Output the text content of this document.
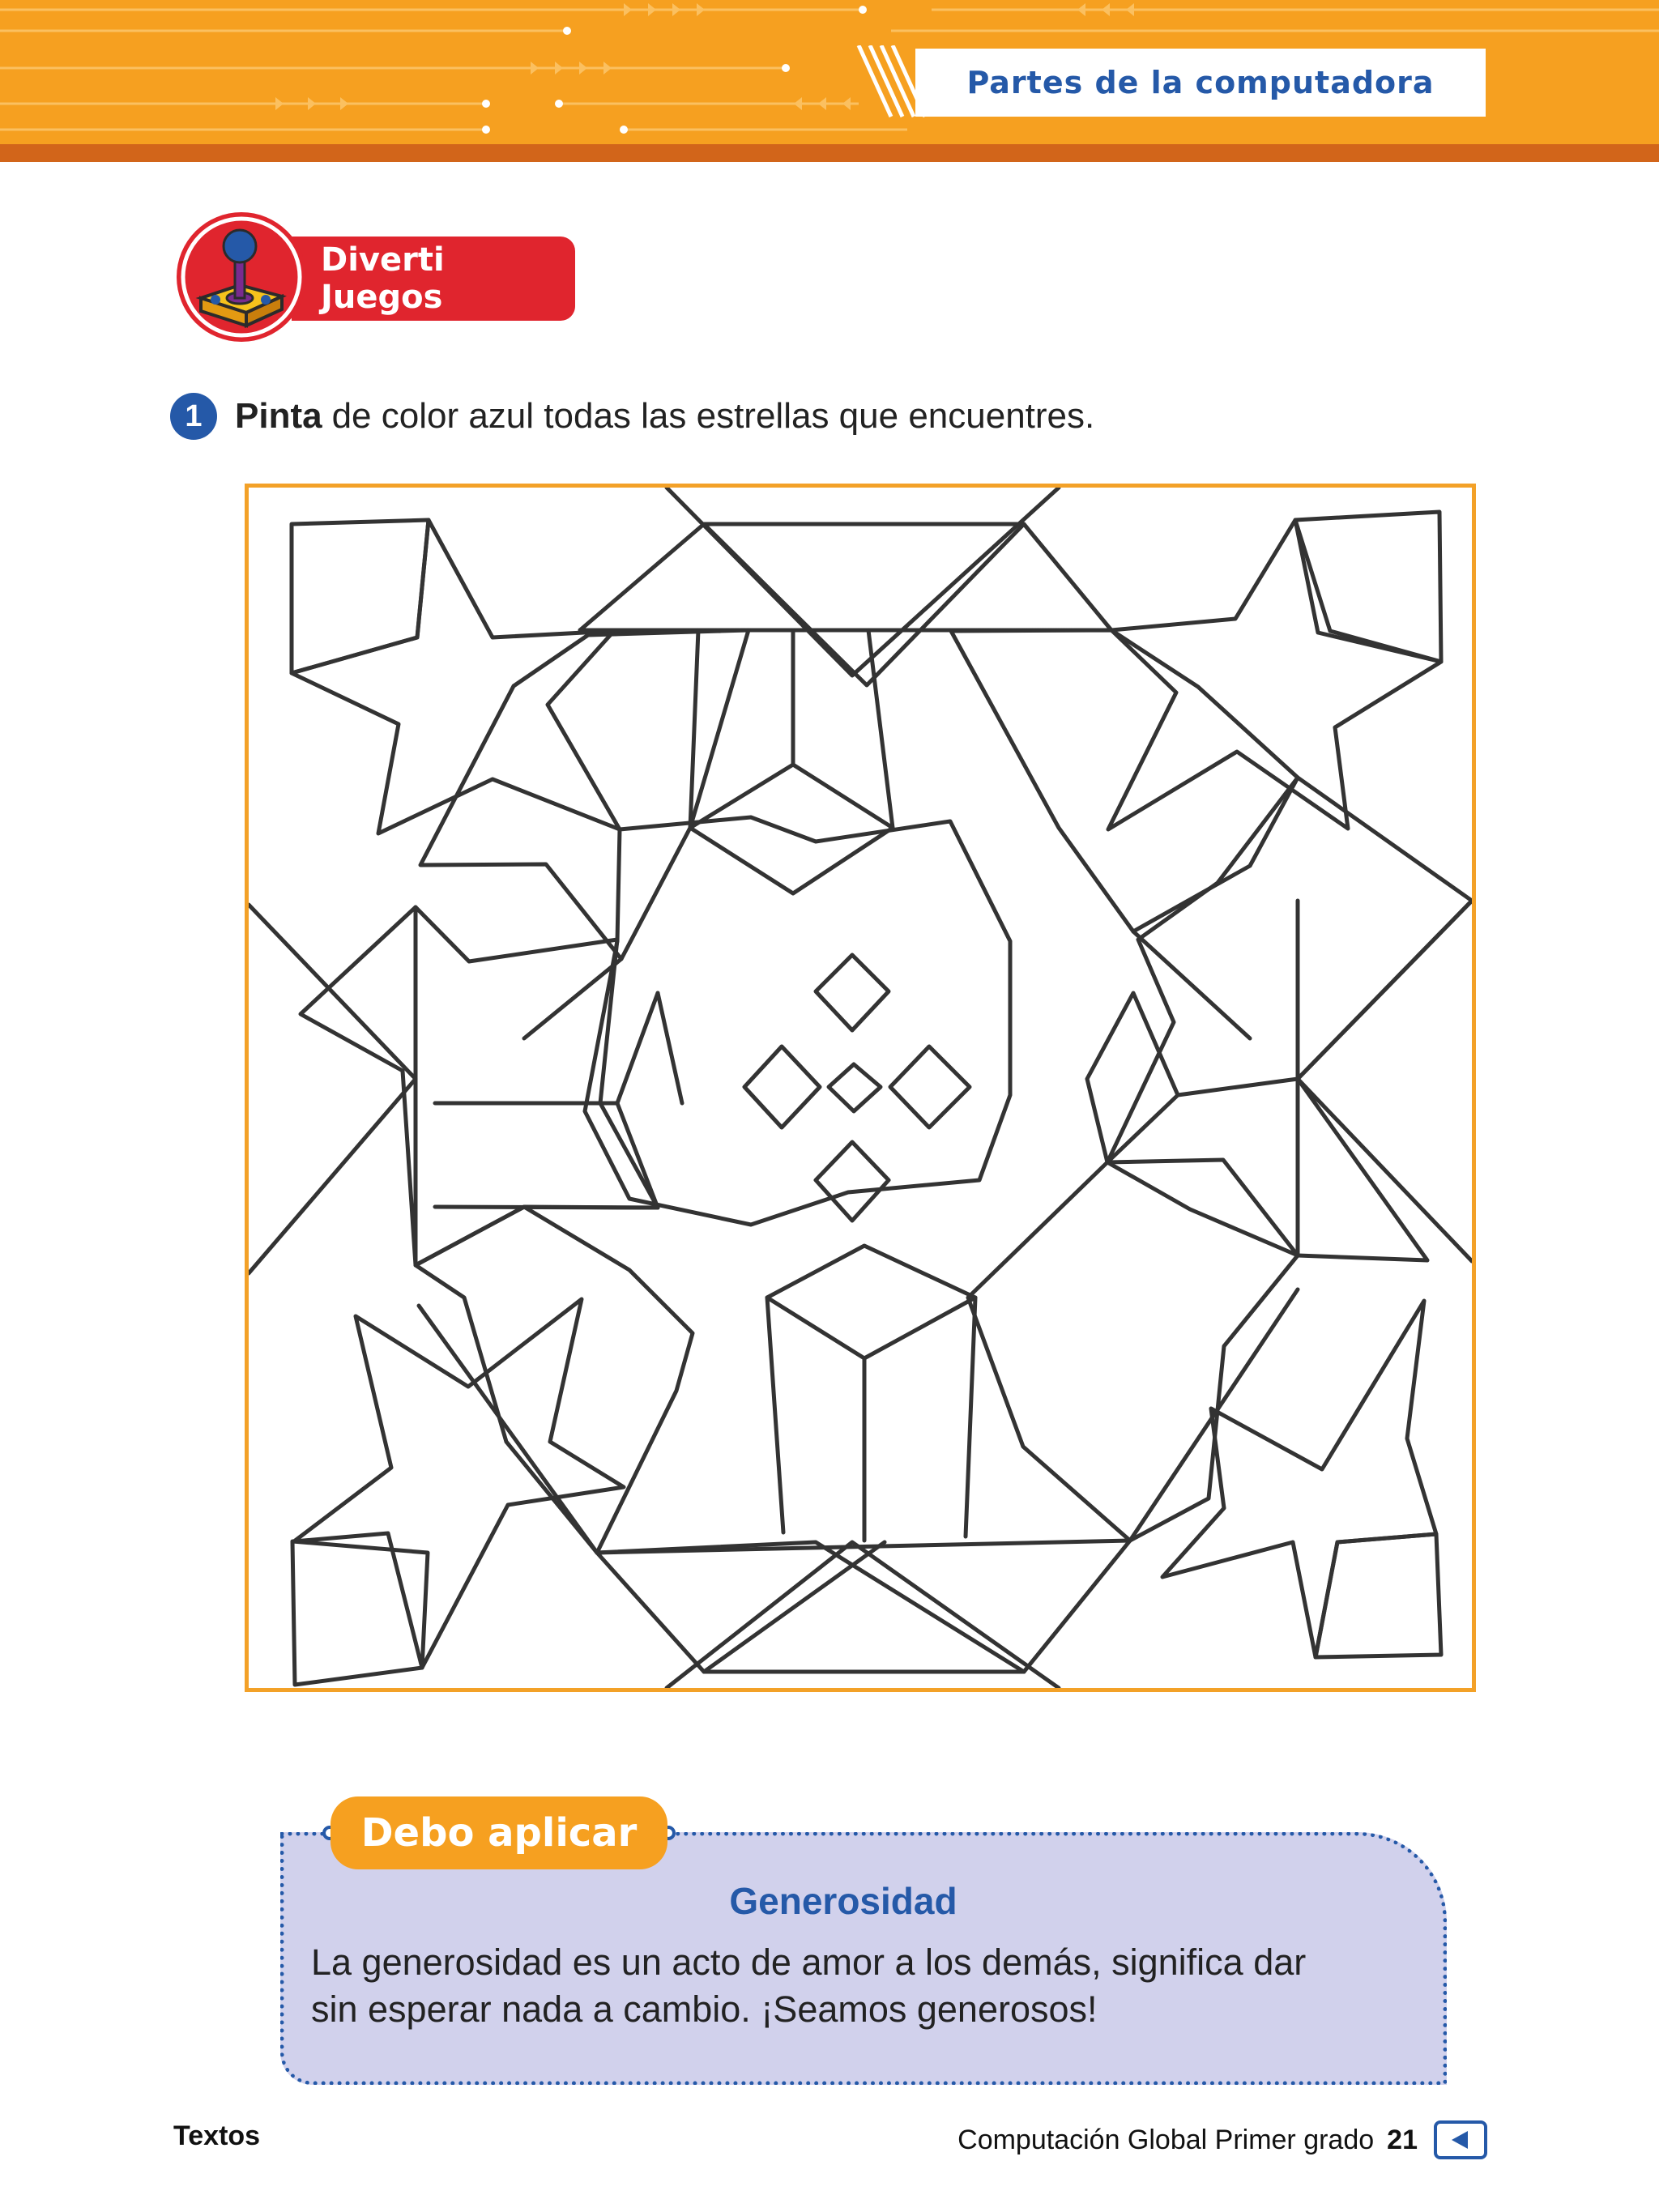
Partes de la computadora
Diverti Juegos
1 Pinta de color azul todas las estrellas que encuentres.
Debo aplicar
Generosidad
La generosidad es un acto de amor a los demás, significa dar
sin esperar nada a cambio. ¡Seamos generosos!
Textos	Computación Global Primer grado 21
